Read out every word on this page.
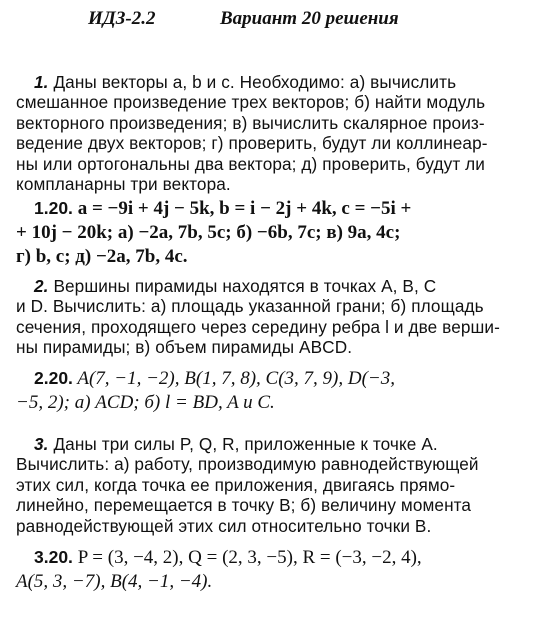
ИДЗ-2.2	Вариант 20 решения
1. Даны векторы a, b и c. Необходимо: а) вычислить
смешанное произведение трех векторов; б) найти модуль
векторного произведения; в) вычислить скалярное произ-
ведение двух векторов; г) проверить, будут ли коллинеар-
ны или ортогональны два вектора; д) проверить, будут ли
компланарны три вектора.
1.20. a = −9i + 4j − 5k, b = i − 2j + 4k, c = −5i +
+ 10j − 20k; а) −2a, 7b, 5c; б) −6b, 7c; в) 9a, 4c;
г) b, c; д) −2a, 7b, 4c.
2. Вершины пирамиды находятся в точках A, B, C
и D. Вычислить: а) площадь указанной грани; б) площадь
сечения, проходящего через середину ребра l и две верши-
ны пирамиды; в) объем пирамиды ABCD.
2.20. A(7, −1, −2), B(1, 7, 8), C(3, 7, 9), D(−3,
−5, 2); а) ACD; б) l = BD, A и C.
3. Даны три силы P, Q, R, приложенные к точке A.
Вычислить: а) работу, производимую равнодействующей
этих сил, когда точка ее приложения, двигаясь прямо-
линейно, перемещается в точку B; б) величину момента
равнодействующей этих сил относительно точки B.
3.20. P = (3, −4, 2), Q = (2, 3, −5), R = (−3, −2, 4),
A(5, 3, −7), B(4, −1, −4).
